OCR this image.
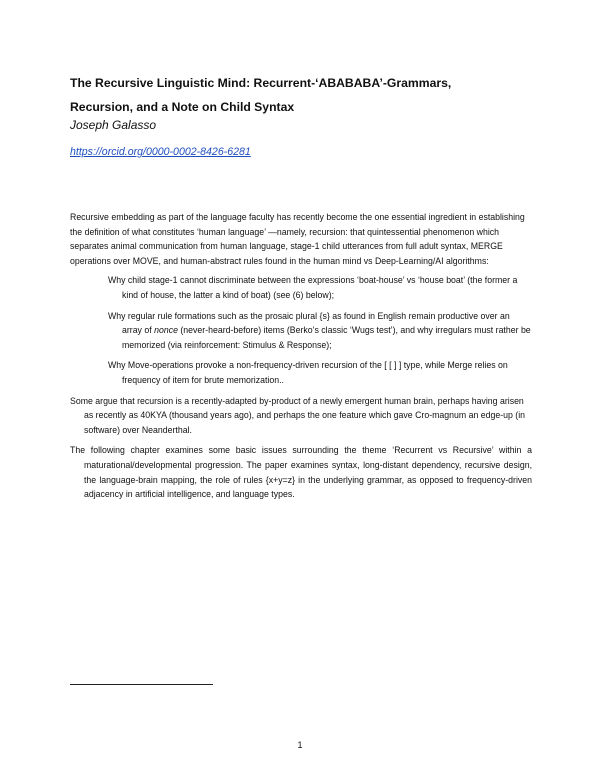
The Recursive Linguistic Mind: Recurrent-‘ABABABA’-Grammars,
Recursion, and a Note on Child Syntax

Joseph Galasso

https://orcid.org/0000-0002-8426-6281

Recursive embedding as part of the language faculty has recently become the one essential ingredient in establishing the definition of what constitutes ‘human language’ —namely, recursion: that quintessential phenomenon which separates animal communication from human language, stage-1 child utterances from full adult syntax, MERGE operations over MOVE, and human-abstract rules found in the human mind vs Deep-Learning/AI algorithms:

Why child stage-1 cannot discriminate between the expressions ‘boat-house’ vs ‘house boat’ (the former a kind of house, the latter a kind of boat) (see (6) below);

Why regular rule formations such as the prosaic plural {s} as found in English remain productive over an array of nonce (never-heard-before) items (Berko’s classic ‘Wugs test’), and why irregulars must rather be memorized (via reinforcement: Stimulus & Response);

Why Move-operations provoke a non-frequency-driven recursion of the [ [ ] ] type, while Merge relies on frequency of item for brute memorization..

Some argue that recursion is a recently-adapted by-product of a newly emergent human brain, perhaps having arisen as recently as 40KYA (thousand years ago), and perhaps the one feature which gave Cro-magnum an edge-up (in software) over Neanderthal.

The following chapter examines some basic issues surrounding the theme ‘Recurrent vs Recursive’ within a maturational/developmental progression. The paper examines syntax, long-distant dependency, recursive design, the language-brain mapping, the role of rules {x+y=z} in the underlying grammar, as opposed to frequency-driven adjacency in artificial intelligence, and language types.

1
